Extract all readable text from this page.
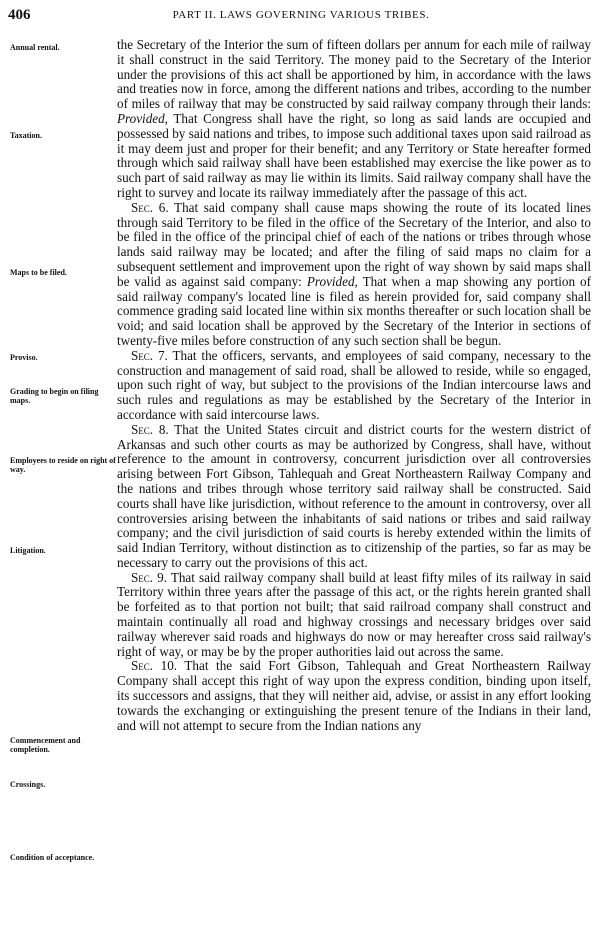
406	PART II. LAWS GOVERNING VARIOUS TRIBES.
Annual rental.
Taxation.
Maps to be filed.
Proviso.
Grading to begin on filing maps.
Employees to reside on right of way.
Litigation.
Commencement and completion.
Crossings.
Condition of acceptance.

the Secretary of the Interior the sum of fifteen dollars per annum for each mile of railway it shall construct in the said Territory. The money paid to the Secretary of the Interior under the provisions of this act shall be apportioned by him, in accordance with the laws and treaties now in force, among the different nations and tribes, according to the number of miles of railway that may be constructed by said railway company through their lands: Provided, That Congress shall have the right, so long as said lands are occupied and possessed by said nations and tribes, to impose such additional taxes upon said railroad as it may deem just and proper for their benefit; and any Territory or State hereafter formed through which said railway shall have been established may exercise the like power as to such part of said railway as may lie within its limits. Said railway company shall have the right to survey and locate its railway immediately after the passage of this act.

Sec. 6. That said company shall cause maps showing the route of its located lines through said Territory to be filed in the office of the Secretary of the Interior, and also to be filed in the office of the principal chief of each of the nations or tribes through whose lands said railway may be located; and after the filing of said maps no claim for a subsequent settlement and improvement upon the right of way shown by said maps shall be valid as against said company: Provided, That when a map showing any portion of said railway company's located line is filed as herein provided for, said company shall commence grading said located line within six months thereafter or such location shall be void; and said location shall be approved by the Secretary of the Interior in sections of twenty-five miles before construction of any such section shall be begun.

Sec. 7. That the officers, servants, and employees of said company, necessary to the construction and management of said road, shall be allowed to reside, while so engaged, upon such right of way, but subject to the provisions of the Indian intercourse laws and such rules and regulations as may be established by the Secretary of the Interior in accordance with said intercourse laws.

Sec. 8. That the United States circuit and district courts for the western district of Arkansas and such other courts as may be authorized by Congress, shall have, without reference to the amount in controversy, concurrent jurisdiction over all controversies arising between Fort Gibson, Tahlequah and Great Northeastern Railway Company and the nations and tribes through whose territory said railway shall be constructed. Said courts shall have like jurisdiction, without reference to the amount in controversy, over all controversies arising between the inhabitants of said nations or tribes and said railway company; and the civil jurisdiction of said courts is hereby extended within the limits of said Indian Territory, without distinction as to citizenship of the parties, so far as may be necessary to carry out the provisions of this act.

Sec. 9. That said railway company shall build at least fifty miles of its railway in said Territory within three years after the passage of this act, or the rights herein granted shall be forfeited as to that portion not built; that said railroad company shall construct and maintain continually all road and highway crossings and necessary bridges over said railway wherever said roads and highways do now or may hereafter cross said railway's right of way, or may be by the proper authorities laid out across the same.

Sec. 10. That the said Fort Gibson, Tahlequah and Great Northeastern Railway Company shall accept this right of way upon the express condition, binding upon itself, its successors and assigns, that they will neither aid, advise, or assist in any effort looking towards the exchanging or extinguishing the present tenure of the Indians in their land, and will not attempt to secure from the Indian nations any
